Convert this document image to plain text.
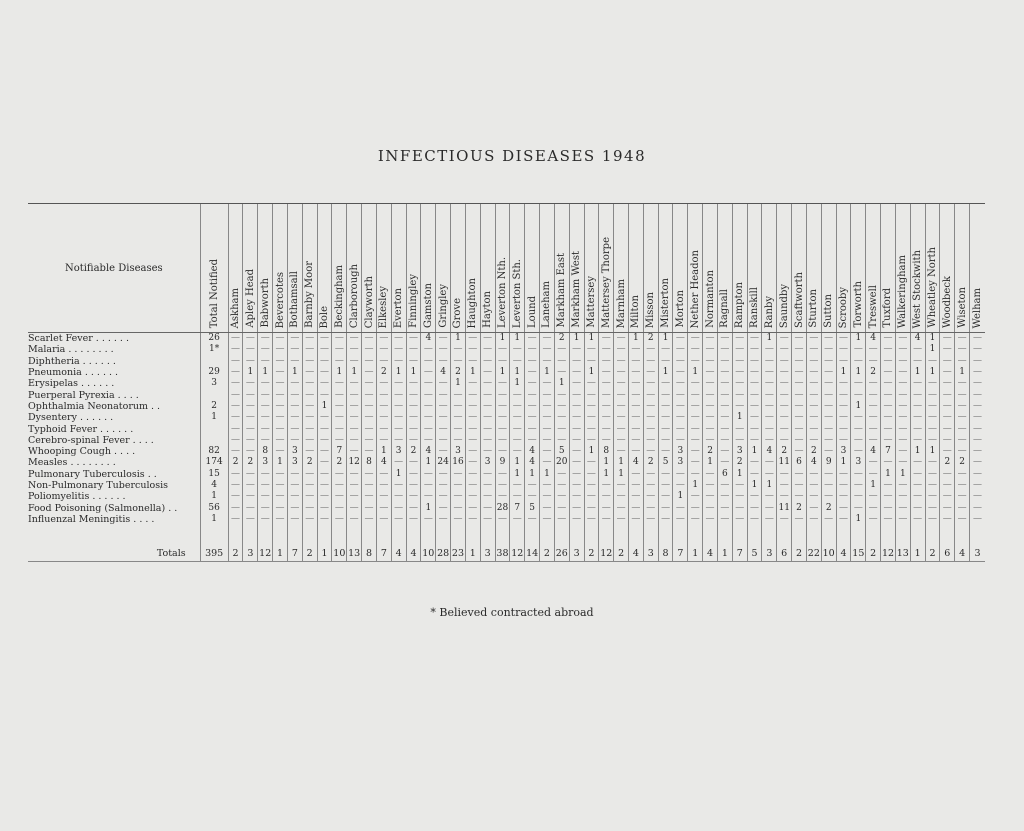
INFECTIOUS DISEASES 1948
Notifiable Diseases	Total Notified	Askham	Apley Head	Babworth	Bevercotes	Bothamsall	Barnby Moor	Bole	Beckingham	Clarborough	Clayworth	Elkesley	Everton	Finningley	Gamston	Gringley	Grove	Haughton	Hayton	Leverton Nth.	Leverton Sth.	Lound	Laneham	Markham East	Markham West	Mattersey	Mattersey Thorpe	Marnham	Milton	Misson	Misterton	Morton	Nether Headon	Normanton	Ragnall	Rampton	Ranskill	Ranby	Saundby	Scaftworth	Sturton	Sutton	Scrooby	Torworth	Treswell	Tuxford	Walkeringham	West Stockwith	Wheatley North	Woodbeck	Wiseton	Welham

Scarlet Fever . . . . . .	26	—	—	—	—	—	—	—	—	—	—	—	—	—	4	—	1	—	—	1	1	—	—	2	1	1	—	—	1	2	1	—	—	—	—	—	—	1	—	—	—	—	—	1	4	—	—	4	1	—	—	—
Malaria . . . . . . . .	1*	—	—	—	—	—	—	—	—	—	—	—	—	—	—	—	—	—	—	—	—	—	—	—	—	—	—	—	—	—	—	—	—	—	—	—	—	—	—	—	—	—	—	—	—	—	—	—	1	—	—	—
Diphtheria . . . . . .		—	—	—	—	—	—	—	—	—	—	—	—	—	—	—	—	—	—	—	—	—	—	—	—	—	—	—	—	—	—	—	—	—	—	—	—	—	—	—	—	—	—	—	—	—	—	—	—	—	—	—
Pneumonia . . . . . .	29	—	1	1	—	1	—	—	1	1	—	2	1	1	—	4	2	1	—	1	1	—	1	—	—	1	—	—	—	—	1	—	1	—	—	—	—	—	—	—	—	—	1	1	2	—	—	1	1	—	1	—
Erysipelas . . . . . .	3	—	—	—	—	—	—	—	—	—	—	—	—	—	—	—	1	—	—	—	1	—	—	1	—	—	—	—	—	—	—	—	—	—	—	—	—	—	—	—	—	—	—	—	—	—	—	—	—	—	—	—
Puerperal Pyrexia . . . .		—	—	—	—	—	—	—	—	—	—	—	—	—	—	—	—	—	—	—	—	—	—	—	—	—	—	—	—	—	—	—	—	—	—	—	—	—	—	—	—	—	—	—	—	—	—	—	—	—	—	—
Ophthalmia Neonatorum . .	2	—	—	—	—	—	—	1	—	—	—	—	—	—	—	—	—	—	—	—	—	—	—	—	—	—	—	—	—	—	—	—	—	—	—	—	—	—	—	—	—	—	—	1	—	—	—	—	—	—	—	—
Dysentery . . . . . .	1	—	—	—	—	—	—	—	—	—	—	—	—	—	—	—	—	—	—	—	—	—	—	—	—	—	—	—	—	—	—	—	—	—	—	1	—	—	—	—	—	—	—	—	—	—	—	—	—	—	—	—
Typhoid Fever . . . . . .		—	—	—	—	—	—	—	—	—	—	—	—	—	—	—	—	—	—	—	—	—	—	—	—	—	—	—	—	—	—	—	—	—	—	—	—	—	—	—	—	—	—	—	—	—	—	—	—	—	—	—
Cerebro-spinal Fever . . . .		—	—	—	—	—	—	—	—	—	—	—	—	—	—	—	—	—	—	—	—	—	—	—	—	—	—	—	—	—	—	—	—	—	—	—	—	—	—	—	—	—	—	—	—	—	—	—	—	—	—	—
Whooping Cough . . . .	82	—	—	8	—	3	—	—	7	—	—	1	3	2	4	—	3	—	—	—	—	4	—	5	—	1	8	—	—	—	—	3	—	2	—	3	1	4	2	—	2	—	3	—	4	7	—	1	1	—	—	—
Measles . . . . . . . .	174	2	2	3	1	3	2	—	2	12	8	4	—	—	1	24	16	—	3	9	1	4	—	20	—	—	1	1	4	2	5	3	—	1	—	2	—	—	11	6	4	9	1	3	—	—	—	—	—	2	2	—
Pulmonary Tuberculosis . .	15	—	—	—	—	—	—	—	—	—	—	—	1	—	—	—	—	—	—	—	1	1	1	—	—	—	1	1	—	—	—	—	—	—	6	1	—	—	—	—	—	—	—	—	—	1	1	—	—	—	—	—
Non-Pulmonary Tuberculosis	4	—	—	—	—	—	—	—	—	—	—	—	—	—	—	—	—	—	—	—	—	—	—	—	—	—	—	—	—	—	—	—	1	—	—	—	1	1	—	—	—	—	—	—	1	—	—	—	—	—	—	—
Poliomyelitis . . . . . .	1	—	—	—	—	—	—	—	—	—	—	—	—	—	—	—	—	—	—	—	—	—	—	—	—	—	—	—	—	—	—	1	—	—	—	—	—	—	—	—	—	—	—	—	—	—	—	—	—	—	—	—
Food Poisoning (Salmonella) . .	56	—	—	—	—	—	—	—	—	—	—	—	—	—	1	—	—	—	—	28	7	5	—	—	—	—	—	—	—	—	—	—	—	—	—	—	—	—	11	2	—	2	—	—	—	—	—	—	—	—	—	—
Influenzal Meningitis . . . .	1	—	—	—	—	—	—	—	—	—	—	—	—	—	—	—	—	—	—	—	—	—	—	—	—	—	—	—	—	—	—	—	—	—	—	—	—	—	—	—	—	—	—	1	—	—	—	—	—	—	—	—

Totals	395	2	3	12	1	7	2	1	10	13	8	7	4	4	10	28	23	1	3	38	12	14	2	26	3	2	12	2	4	3	8	7	1	4	1	7	5	3	6	2	22	10	4	15	2	12	13	1	2	6	4	3
* Believed contracted abroad
